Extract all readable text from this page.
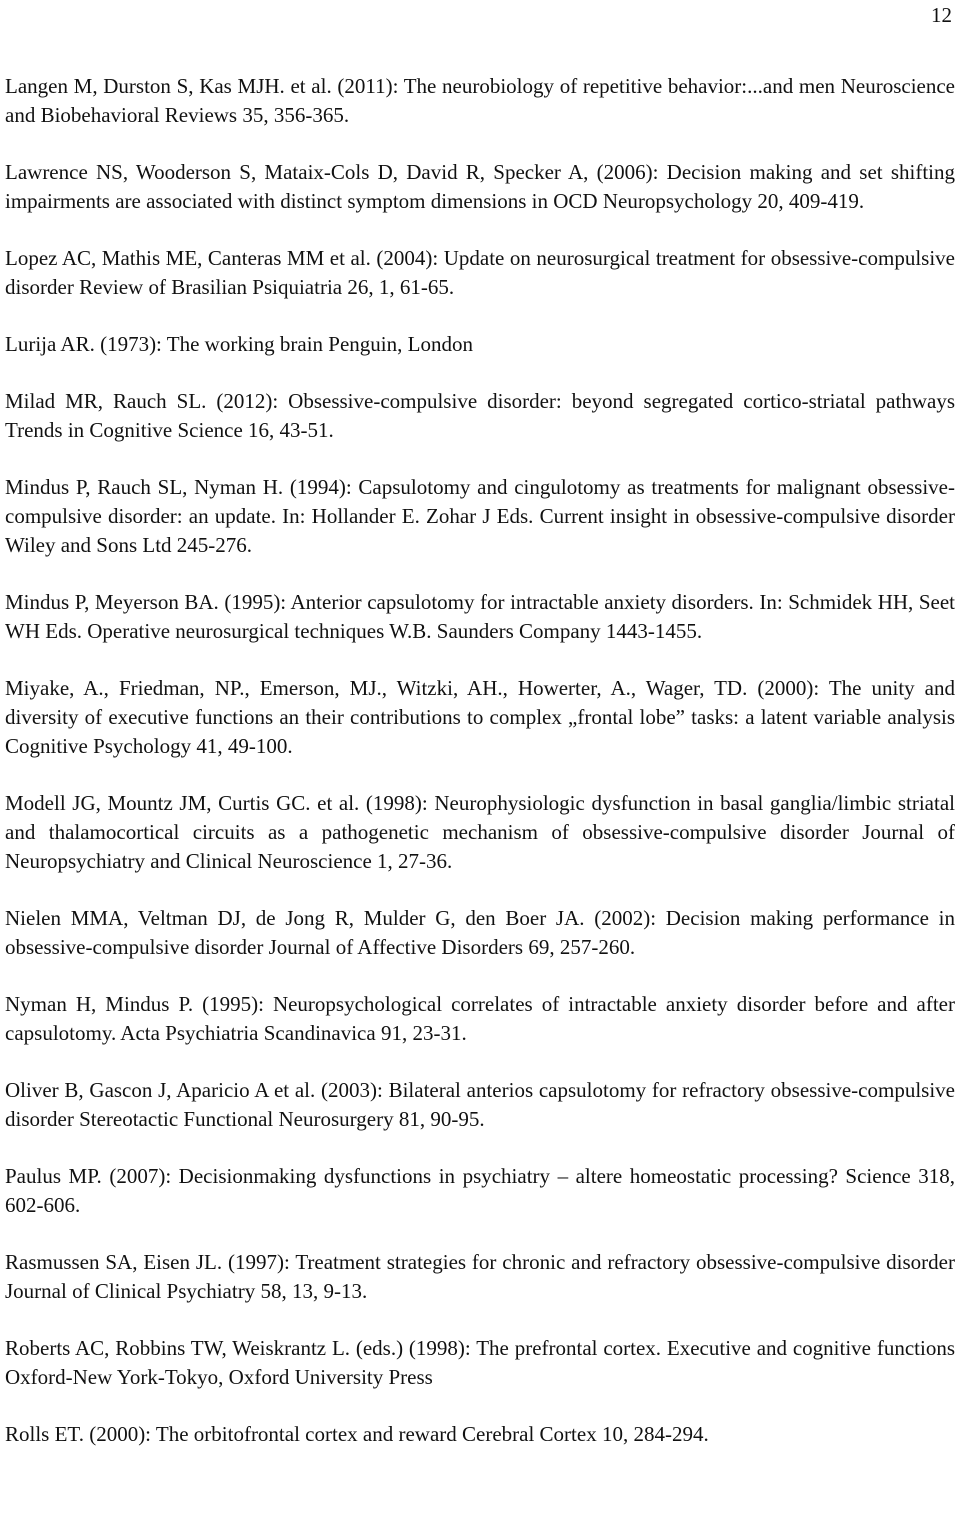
12

Langen M, Durston S, Kas MJH. et al. (2011): The neurobiology of repetitive behavior:...and men Neuroscience and Biobehavioral Reviews 35, 356-365.

Lawrence NS, Wooderson S, Mataix-Cols D, David R, Specker A, (2006): Decision making and set shifting impairments are associated with distinct symptom dimensions in OCD Neuropsychology 20, 409-419.

Lopez AC, Mathis ME, Canteras MM et al. (2004): Update on neurosurgical treatment for obsessive-compulsive disorder Review of Brasilian Psiquiatria 26, 1, 61-65.

Lurija AR. (1973): The working brain Penguin, London

Milad MR, Rauch SL. (2012): Obsessive-compulsive disorder: beyond segregated cortico-striatal pathways Trends in Cognitive Science 16, 43-51.

Mindus P, Rauch SL, Nyman H. (1994): Capsulotomy and cingulotomy as treatments for malignant obsessive-compulsive disorder: an update. In: Hollander E. Zohar J Eds. Current insight in obsessive-compulsive disorder Wiley and Sons Ltd 245-276.

Mindus P, Meyerson BA. (1995): Anterior capsulotomy for intractable anxiety disorders. In: Schmidek HH, Seet WH Eds. Operative neurosurgical techniques W.B. Saunders Company 1443-1455.

Miyake, A., Friedman, NP., Emerson, MJ., Witzki, AH., Howerter, A., Wager, TD. (2000): The unity and diversity of executive functions an their contributions to complex „frontal lobe” tasks: a latent variable analysis Cognitive Psychology 41, 49-100.

Modell JG, Mountz JM, Curtis GC. et al. (1998): Neurophysiologic dysfunction in basal ganglia/limbic striatal and thalamocortical circuits as a pathogenetic mechanism of obsessive-compulsive disorder Journal of Neuropsychiatry and Clinical Neuroscience 1, 27-36.

Nielen MMA, Veltman DJ, de Jong R, Mulder G, den Boer JA. (2002): Decision making performance in obsessive-compulsive disorder Journal of Affective Disorders 69, 257-260.

Nyman H, Mindus P. (1995): Neuropsychological correlates of intractable anxiety disorder before and after capsulotomy. Acta Psychiatria Scandinavica 91, 23-31.

Oliver B, Gascon J, Aparicio A et al. (2003): Bilateral anterios capsulotomy for refractory obsessive-compulsive disorder Stereotactic Functional Neurosurgery 81, 90-95.

Paulus MP. (2007): Decisionmaking dysfunctions in psychiatry – altere homeostatic processing? Science 318, 602-606.

Rasmussen SA, Eisen JL. (1997): Treatment strategies for chronic and refractory obsessive-compulsive disorder Journal of Clinical Psychiatry 58, 13, 9-13.

Roberts AC, Robbins TW, Weiskrantz L. (eds.) (1998): The prefrontal cortex. Executive and cognitive functions Oxford-New York-Tokyo, Oxford University Press

Rolls ET. (2000): The orbitofrontal cortex and reward Cerebral Cortex 10, 284-294.
